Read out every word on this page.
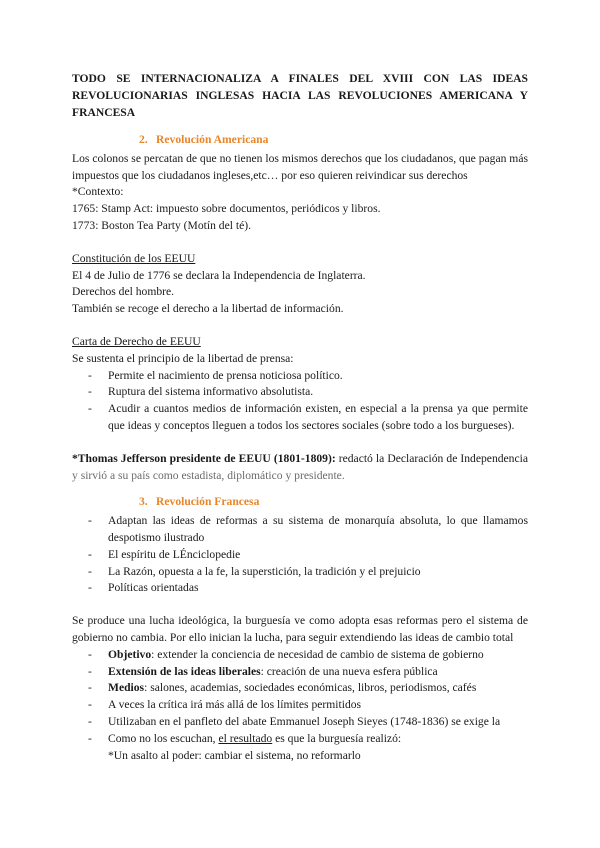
TODO SE INTERNACIONALIZA A FINALES DEL XVIII CON LAS IDEAS REVOLUCIONARIAS INGLESAS HACIA LAS REVOLUCIONES AMERICANA Y FRANCESA

2. Revolución Americana

Los colonos se percatan de que no tienen los mismos derechos que los ciudadanos, que pagan más impuestos que los ciudadanos ingleses,etc… por eso quieren reivindicar sus derechos

*Contexto:

1765: Stamp Act: impuesto sobre documentos, periódicos y libros.

1773: Boston Tea Party (Motín del té).

Constitución de los EEUU

El 4 de Julio de 1776 se declara la Independencia de Inglaterra.

Derechos del hombre.

También se recoge el derecho a la libertad de información.

Carta de Derecho de EEUU

Se sustenta el principio de la libertad de prensa:

- Permite el nacimiento de prensa noticiosa político.
- Ruptura del sistema informativo absolutista.
- Acudir a cuantos medios de información existen, en especial a la prensa ya que permite que ideas y conceptos lleguen a todos los sectores sociales (sobre todo a los burgueses).

*Thomas Jefferson presidente de EEUU (1801-1809): redactó la Declaración de Independencia y sirvió a su país como estadista, diplomático y presidente.

3. Revolución Francesa
- Adaptan las ideas de reformas a su sistema de monarquía absoluta, lo que llamamos despotismo ilustrado
- El espíritu de LÉnciclopedie
- La Razón, opuesta a la fe, la superstición, la tradición y el prejuicio
- Políticas orientadas

Se produce una lucha ideológica, la burguesía ve como adopta esas reformas pero el sistema de gobierno no cambia. Por ello inician la lucha, para seguir extendiendo las ideas de cambio total

- Objetivo: extender la conciencia de necesidad de cambio de sistema de gobierno
- Extensión de las ideas liberales: creación de una nueva esfera pública
- Medios: salones, academias, sociedades económicas, libros, periodismos, cafés
- A veces la crítica irá más allá de los límites permitidos
- Utilizaban en el panfleto del abate Emmanuel Joseph Sieyes (1748-1836) se exige la
- Como no los escuchan, el resultado es que la burguesía realizó:
*Un asalto al poder: cambiar el sistema, no reformarlo
